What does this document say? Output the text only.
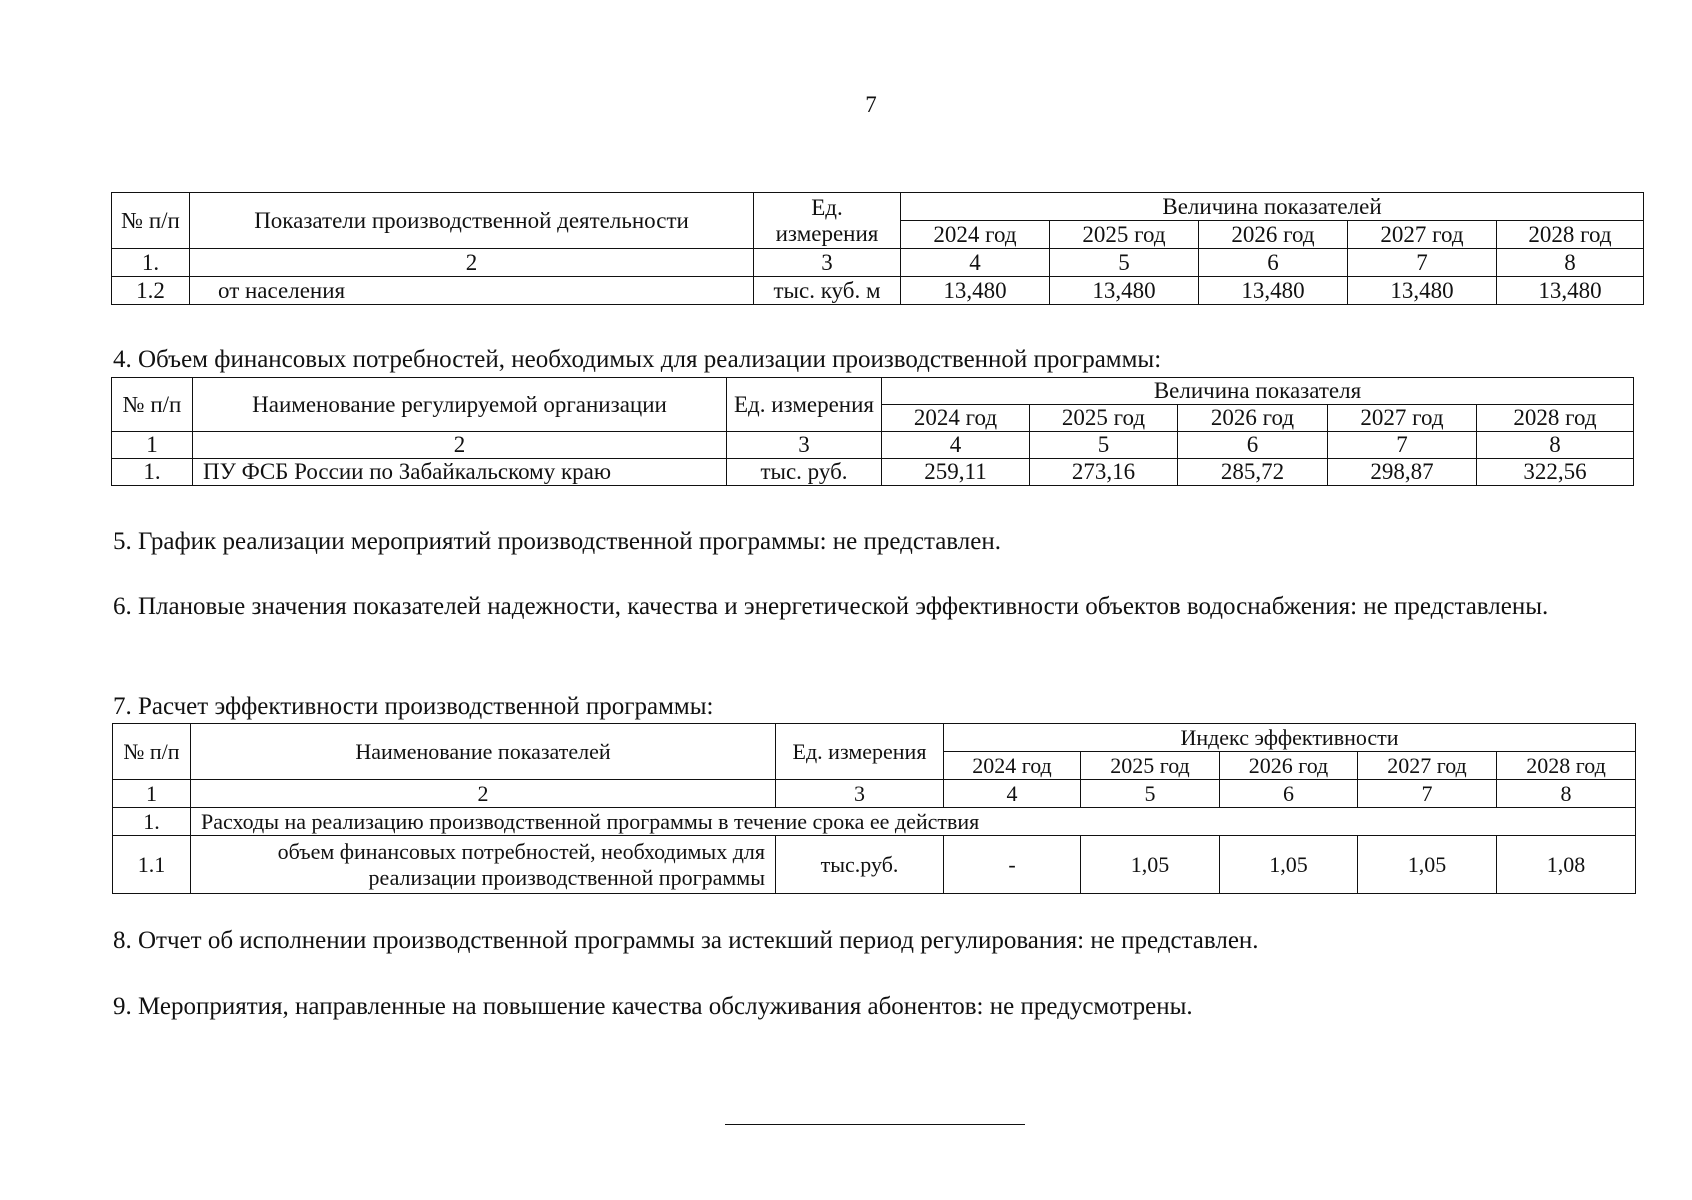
7
№ п/п	Показатели производственной деятельности	Ед. измерения	Величина показателей				
			2024 год	2025 год	2026 год	2027 год	2028 год
1.	2	3	4	5	6	7	8
1.2	от населения	тыс. куб. м	13,480	13,480	13,480	13,480	13,480

4. Объем финансовых потребностей, необходимых для реализации производственной программы:

№ п/п	Наименование регулируемой организации	Ед. измерения	Величина показателя				
			2024 год	2025 год	2026 год	2027 год	2028 год
1	2	3	4	5	6	7	8
1.	ПУ ФСБ России по Забайкальскому краю	тыс. руб.	259,11	273,16	285,72	298,87	322,56

5. График реализации мероприятий производственной программы: не представлен.

6. Плановые значения показателей надежности, качества и энергетической эффективности объектов водоснабжения: не представлены.

7. Расчет эффективности производственной программы:

№ п/п	Наименование показателей	Ед. измерения	Индекс эффективности				
			2024 год	2025 год	2026 год	2027 год	2028 год
1	2	3	4	5	6	7	8
1.	Расходы на реализацию производственной программы в течение срока ее действия						
1.1	объем финансовых потребностей, необходимых для реализации производственной программы	тыс.руб.	-	1,05	1,05	1,05	1,08

8. Отчет об исполнении производственной программы за истекший период регулирования: не представлен.

9. Мероприятия, направленные на повышение качества обслуживания абонентов: не предусмотрены.
